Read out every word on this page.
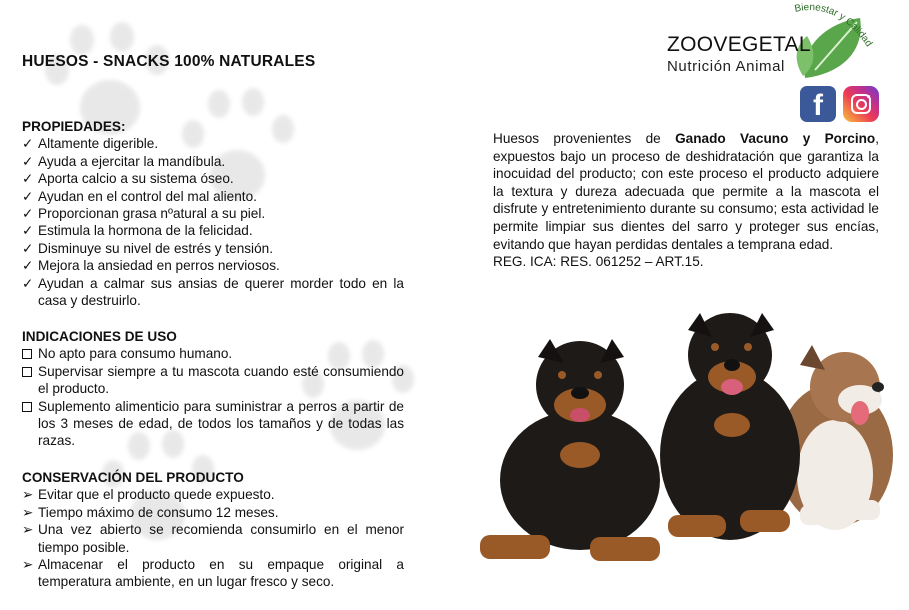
HUESOS - SNACKS 100% NATURALES
PROPIEDADES:
✓ Altamente digerible.
✓ Ayuda a ejercitar la mandíbula.
✓ Aporta calcio a su sistema óseo.
✓ Ayudan en el control del mal aliento.
✓ Proporcionan grasa nºatural a su piel.
✓ Estimula la hormona de la felicidad.
✓ Disminuye su nivel de estrés y tensión.
✓ Mejora la ansiedad en perros nerviosos.
✓ Ayudan a calmar sus ansias de querer morder todo en la casa y destruirlo.
INDICACIONES DE USO
No apto para consumo humano.
Supervisar siempre a tu mascota cuando esté consumiendo el producto.
Suplemento alimenticio para suministrar a perros a partir de los 3 meses de edad, de todos los tamaños y de todas las razas.
CONSERVACIÓN DEL PRODUCTO
➢ Evitar que el producto quede expuesto.
➢ Tiempo máximo de consumo 12 meses.
➢ Una vez abierto se recomienda consumirlo en el menor tiempo posible.
➢ Almacenar el producto en su empaque original a temperatura ambiente, en un lugar fresco y seco.
ZOOVEGETAL
Nutrición Animal
Bienestar y Calidad
f
Huesos provenientes de Ganado Vacuno y Porcino, expuestos bajo un proceso de deshidratación que garantiza la inocuidad del producto; con este proceso el producto adquiere la textura y dureza adecuada que permite a la mascota el disfrute y entretenimiento durante su consumo; esta actividad le permite limpiar sus dientes del sarro y proteger sus encías, evitando que hayan perdidas dentales a temprana edad.
REG. ICA: RES. 061252 – ART.15.
